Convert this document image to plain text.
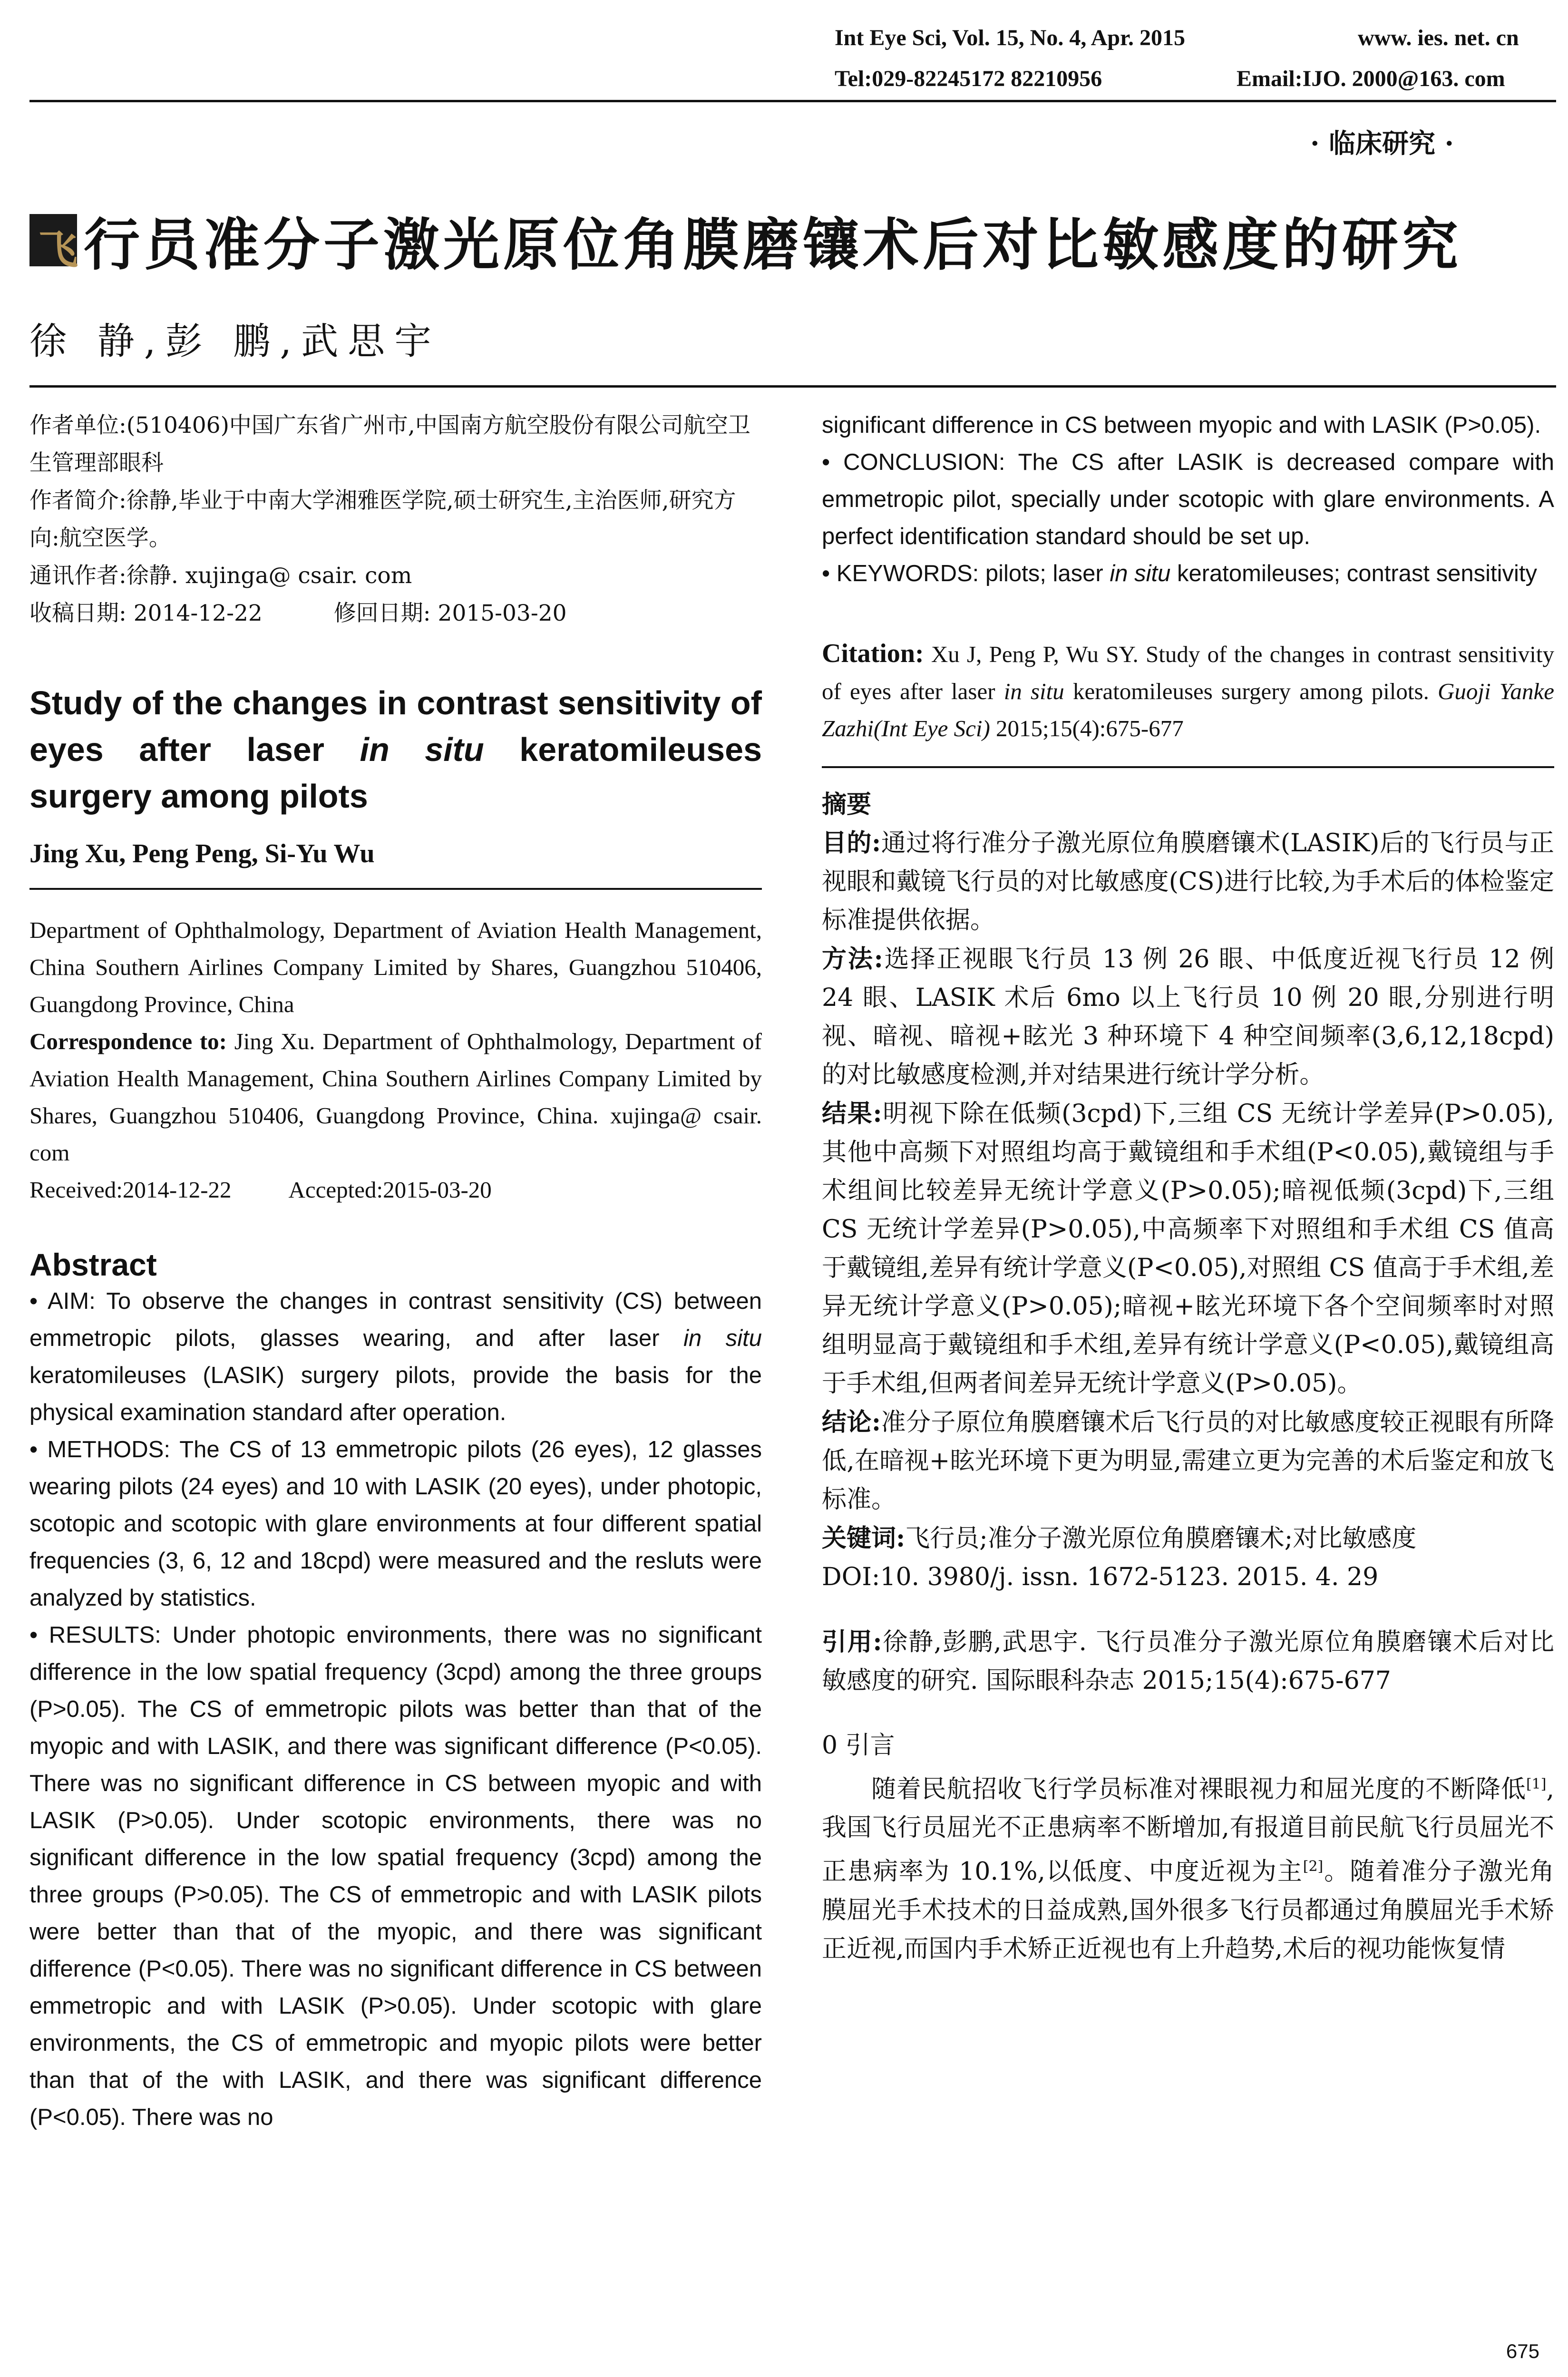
Int Eye Sci, Vol. 15, No. 4, Apr. 2015	www. ies. net. cn
Tel:029-82245172 82210956	Email:IJO. 2000@163. com
· 临床研究 ·
飞 行员准分子激光原位角膜磨镶术后对比敏感度的研究
徐 静,彭 鹏,武思宇

作者单位:(510406)中国广东省广州市,中国南方航空股份有限公司航空卫生管理部眼科

作者简介:徐静,毕业于中南大学湘雅医学院,硕士研究生,主治医师,研究方向:航空医学。

通讯作者:徐静. xujinga@ csair. com

收稿日期: 2014-12-22	修回日期: 2015-03-20

Study of the changes in contrast sensitivity of eyes after laser in situ keratomileuses surgery among pilots
Jing Xu, Peng Peng, Si-Yu Wu

Department of Ophthalmology, Department of Aviation Health Management, China Southern Airlines Company Limited by Shares, Guangzhou 510406, Guangdong Province, China

Correspondence to: Jing Xu. Department of Ophthalmology, Department of Aviation Health Management, China Southern Airlines Company Limited by Shares, Guangzhou 510406, Guangdong Province, China. xujinga@ csair. com

Received:2014-12-22 Accepted:2015-03-20

Abstract

• AIM: To observe the changes in contrast sensitivity (CS) between emmetropic pilots, glasses wearing, and after laser in situ keratomileuses (LASIK) surgery pilots, provide the basis for the physical examination standard after operation.

• METHODS: The CS of 13 emmetropic pilots (26 eyes), 12 glasses wearing pilots (24 eyes) and 10 with LASIK (20 eyes), under photopic, scotopic and scotopic with glare environments at four different spatial frequencies (3, 6, 12 and 18cpd) were measured and the resluts were analyzed by statistics.

• RESULTS: Under photopic environments, there was no significant difference in the low spatial frequency (3cpd) among the three groups (P>0.05). The CS of emmetropic pilots was better than that of the myopic and with LASIK, and there was significant difference (P<0.05). There was no significant difference in CS between myopic and with LASIK (P>0.05). Under scotopic environments, there was no significant difference in the low spatial frequency (3cpd) among the three groups (P>0.05). The CS of emmetropic and with LASIK pilots were better than that of the myopic, and there was significant difference (P<0.05). There was no significant difference in CS between emmetropic and with LASIK (P>0.05). Under scotopic with glare environments, the CS of emmetropic and myopic pilots were better than that of the with LASIK, and there was significant difference (P<0.05). There was no

significant difference in CS between myopic and with LASIK (P>0.05).

• CONCLUSION: The CS after LASIK is decreased compare with emmetropic pilot, specially under scotopic with glare environments. A perfect identification standard should be set up.

• KEYWORDS: pilots; laser in situ keratomileuses; contrast sensitivity

Citation: Xu J, Peng P, Wu SY. Study of the changes in contrast sensitivity of eyes after laser in situ keratomileuses surgery among pilots. Guoji Yanke Zazhi(Int Eye Sci) 2015;15(4):675-677

摘要

目的:通过将行准分子激光原位角膜磨镶术(LASIK)后的飞行员与正视眼和戴镜飞行员的对比敏感度(CS)进行比较,为手术后的体检鉴定标准提供依据。

方法:选择正视眼飞行员 13 例 26 眼、中低度近视飞行员 12 例 24 眼、LASIK 术后 6mo 以上飞行员 10 例 20 眼,分别进行明视、暗视、暗视+眩光 3 种环境下 4 种空间频率(3,6,12,18cpd)的对比敏感度检测,并对结果进行统计学分析。

结果:明视下除在低频(3cpd)下,三组 CS 无统计学差异(P>0.05),其他中高频下对照组均高于戴镜组和手术组(P<0.05),戴镜组与手术组间比较差异无统计学意义(P>0.05);暗视低频(3cpd)下,三组 CS 无统计学差异(P>0.05),中高频率下对照组和手术组 CS 值高于戴镜组,差异有统计学意义(P<0.05),对照组 CS 值高于手术组,差异无统计学意义(P>0.05);暗视+眩光环境下各个空间频率时对照组明显高于戴镜组和手术组,差异有统计学意义(P<0.05),戴镜组高于手术组,但两者间差异无统计学意义(P>0.05)。

结论:准分子原位角膜磨镶术后飞行员的对比敏感度较正视眼有所降低,在暗视+眩光环境下更为明显,需建立更为完善的术后鉴定和放飞标准。

关键词:飞行员;准分子激光原位角膜磨镶术;对比敏感度

DOI:10. 3980/j. issn. 1672-5123. 2015. 4. 29

引用:徐静,彭鹏,武思宇. 飞行员准分子激光原位角膜磨镶术后对比敏感度的研究. 国际眼科杂志 2015;15(4):675-677

0 引言

随着民航招收飞行学员标准对裸眼视力和屈光度的不断降低[1],我国飞行员屈光不正患病率不断增加,有报道目前民航飞行员屈光不正患病率为 10.1%,以低度、中度近视为主[2]。随着准分子激光角膜屈光手术技术的日益成熟,国外很多飞行员都通过角膜屈光手术矫正近视,而国内手术矫正近视也有上升趋势,术后的视功能恢复情

675
